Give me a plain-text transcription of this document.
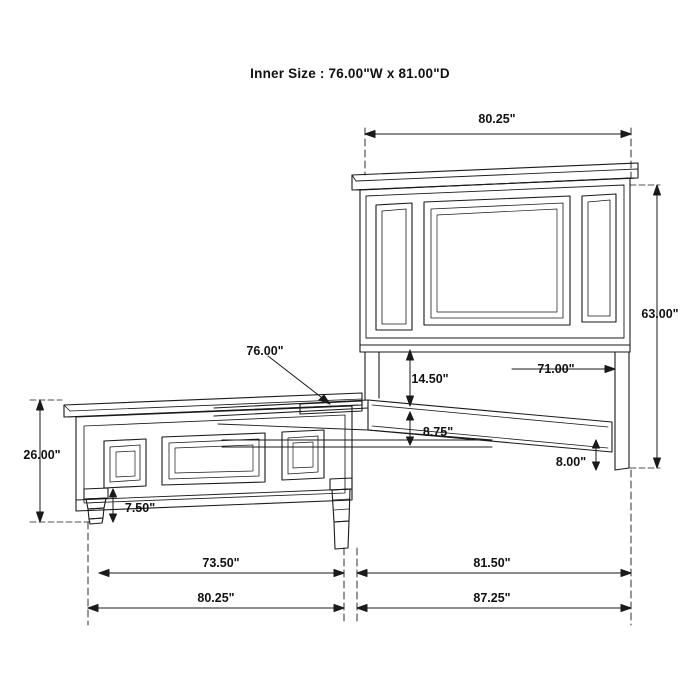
Inner Size : 76.00"W x 81.00"D
80.25"
63.00"
71.00"
14.50"
76.00"
8.75"
26.00"	8.00"
7.50"
73.50"	81.50"
80.25"	87.25"
